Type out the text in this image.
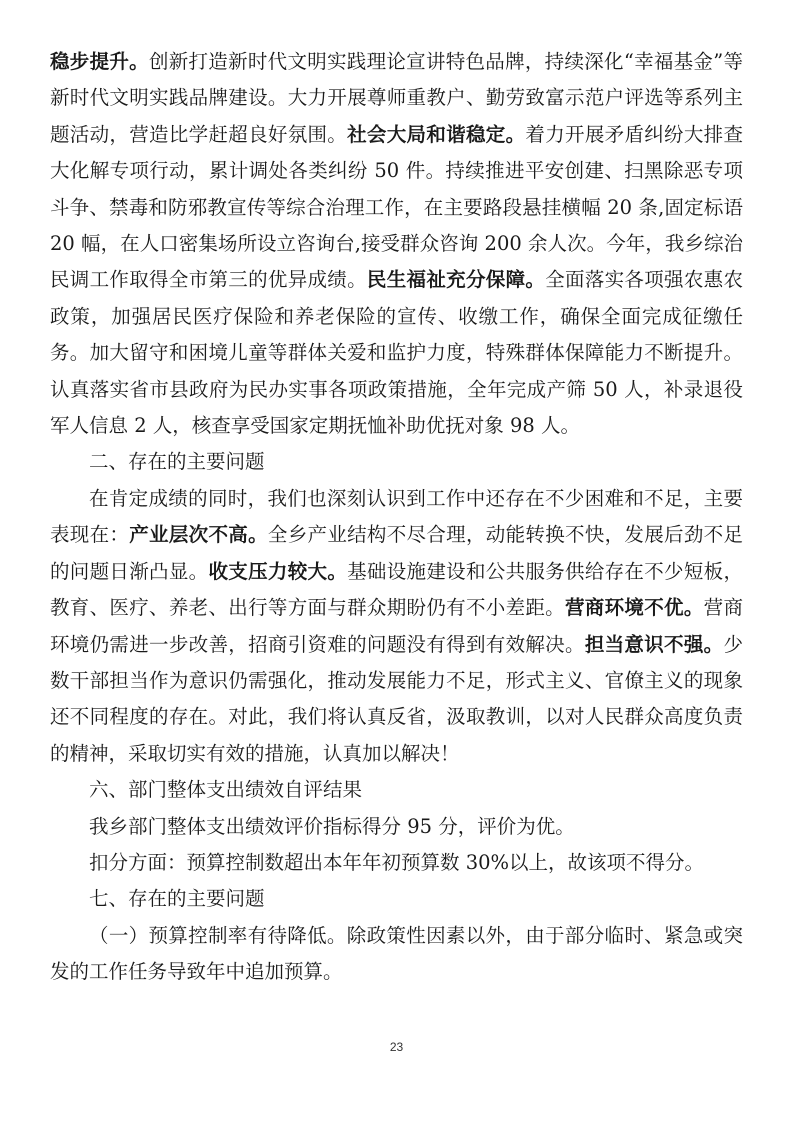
稳步提升。创新打造新时代文明实践理论宣讲特色品牌，持续深化“幸福基金”等新时代文明实践品牌建设。大力开展尊师重教户、勤劳致富示范户评选等系列主题活动，营造比学赶超良好氛围。社会大局和谐稳定。着力开展矛盾纠纷大排查大化解专项行动，累计调处各类纠纷 50 件。持续推进平安创建、扫黑除恶专项斗争、禁毒和防邪教宣传等综合治理工作，在主要路段悬挂横幅 20 条,固定标语 20 幅，在人口密集场所设立咨询台,接受群众咨询 200 余人次。今年，我乡综治民调工作取得全市第三的优异成绩。民生福祉充分保障。全面落实各项强农惠农政策，加强居民医疗保险和养老保险的宣传、收缴工作，确保全面完成征缴任务。加大留守和困境儿童等群体关爱和监护力度，特殊群体保障能力不断提升。认真落实省市县政府为民办实事各项政策措施，全年完成产筛 50 人，补录退役军人信息 2 人，核查享受国家定期抚恤补助优抚对象 98 人。

二、存在的主要问题

在肯定成绩的同时，我们也深刻认识到工作中还存在不少困难和不足，主要表现在：产业层次不高。全乡产业结构不尽合理，动能转换不快，发展后劲不足的问题日渐凸显。收支压力较大。基础设施建设和公共服务供给存在不少短板，教育、医疗、养老、出行等方面与群众期盼仍有不小差距。营商环境不优。营商环境仍需进一步改善，招商引资难的问题没有得到有效解决。担当意识不强。少数干部担当作为意识仍需强化，推动发展能力不足，形式主义、官僚主义的现象还不同程度的存在。对此，我们将认真反省，汲取教训，以对人民群众高度负责的精神，采取切实有效的措施，认真加以解决！

六、部门整体支出绩效自评结果

我乡部门整体支出绩效评价指标得分 95 分，评价为优。

扣分方面：预算控制数超出本年年初预算数 30%以上，故该项不得分。

七、存在的主要问题

（一）预算控制率有待降低。除政策性因素以外，由于部分临时、紧急或突发的工作任务导致年中追加预算。

23
